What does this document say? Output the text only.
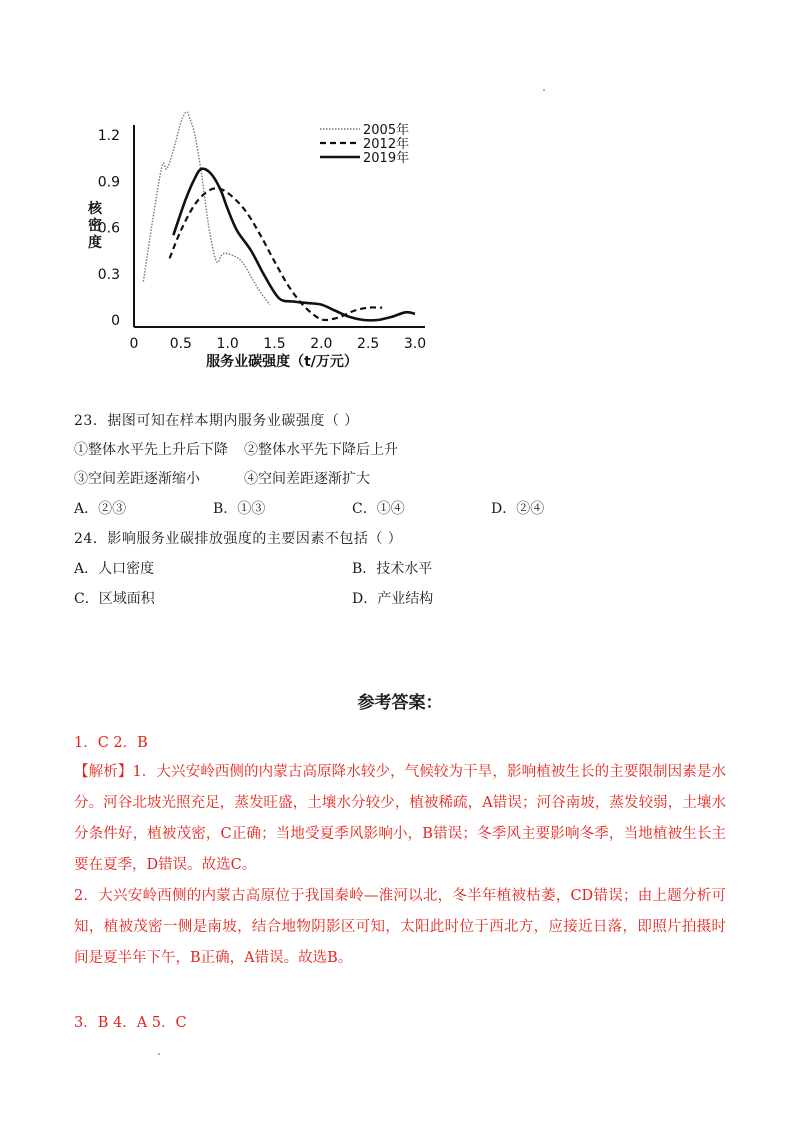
0
0.3
0.6
0.9
1.2
0 0.5 1.0 1.5 2.0 2.5 3.0
2005年
2012年
2019年
核密度
服务业碳强度（t/万元）
23．据图可知在样本期内服务业碳强度（ ）
①整体水平先上升后下降 ②整体水平先下降后上升
③空间差距逐渐缩小	④空间差距逐渐扩大
A．②③	B．①③	C．①④	D．②④
24．影响服务业碳排放强度的主要因素不包括（ ）
A．人口密度	B．技术水平
C．区域面积	D．产业结构
参考答案：
1．C 2．B
【解析】1．大兴安岭西侧的内蒙古高原降水较少，气候较为干旱，影响植被生长的主要限制因素是水分。河谷北坡光照充足，蒸发旺盛，土壤水分较少，植被稀疏，A错误；河谷南坡，蒸发较弱，土壤水分条件好，植被茂密，C正确；当地受夏季风影响小，B错误；冬季风主要影响冬季，当地植被生长主要在夏季，D错误。故选C。
2．大兴安岭西侧的内蒙古高原位于我国秦岭—淮河以北，冬半年植被枯萎，CD错误；由上题分析可知，植被茂密一侧是南坡，结合地物阴影区可知，太阳此时位于西北方，应接近日落，即照片拍摄时间是夏半年下午，B正确，A错误。故选B。
3．B 4．A 5．C
